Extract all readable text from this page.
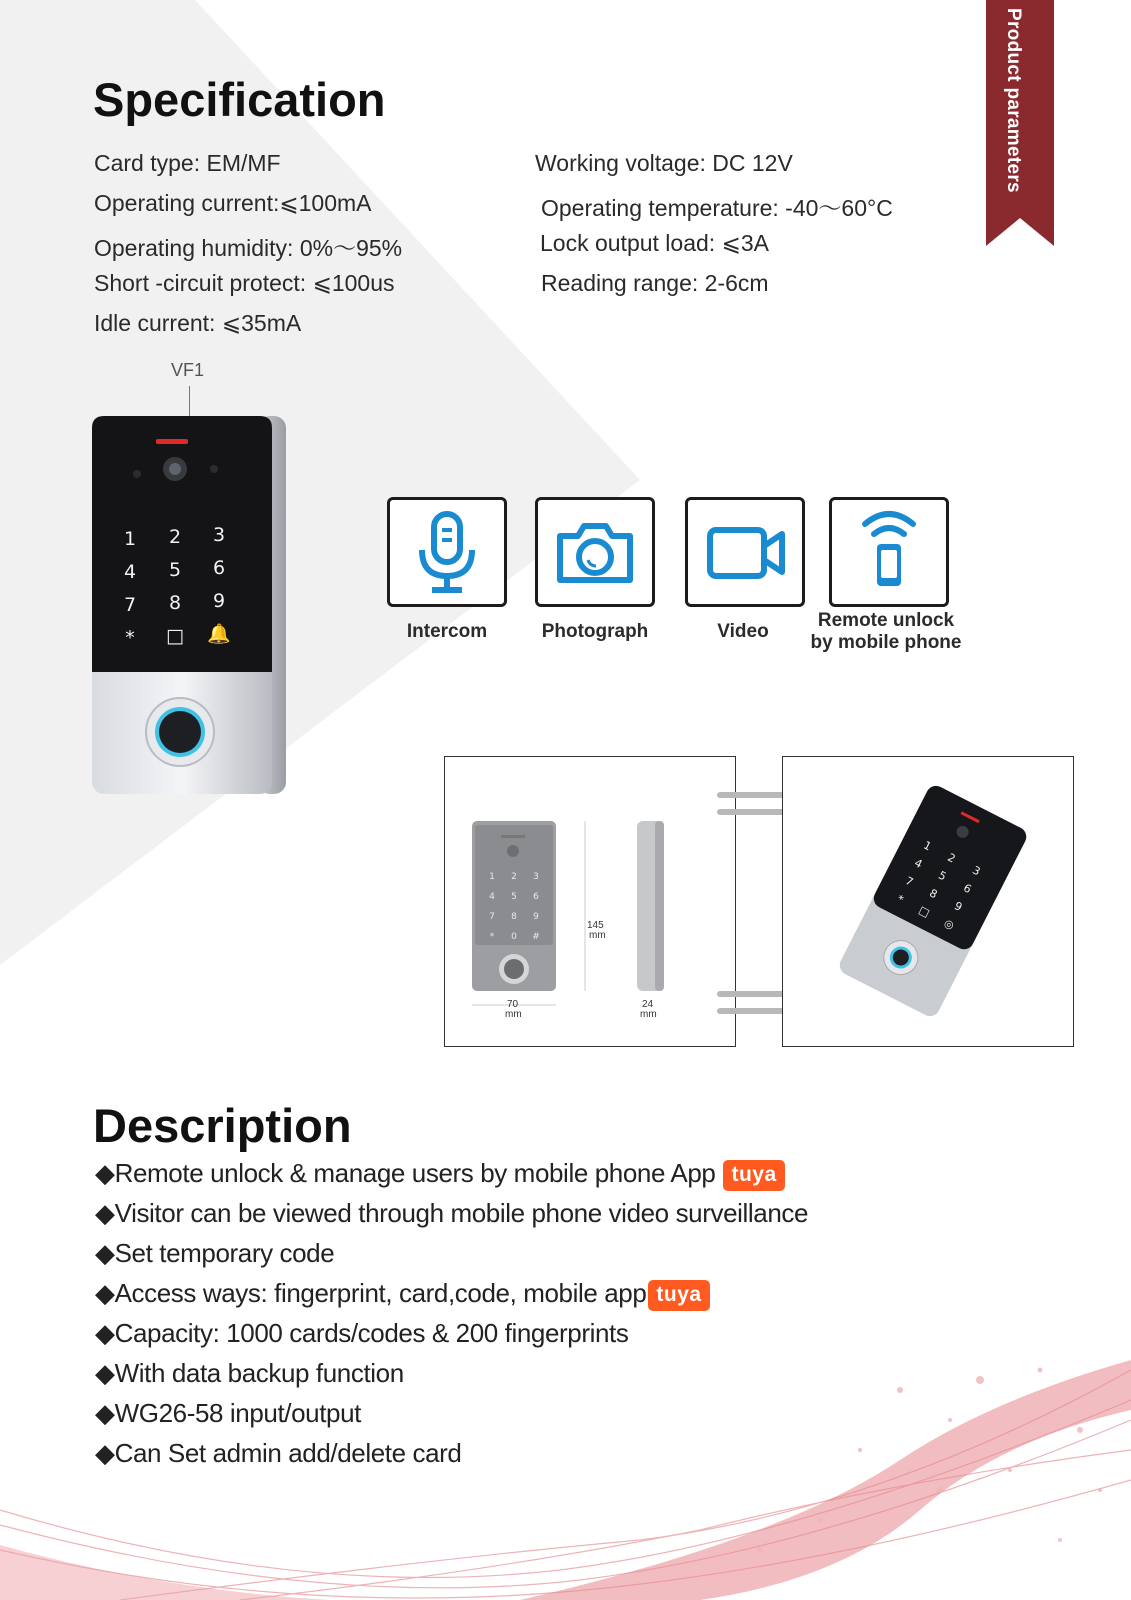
Product parameters
Specification
Card type: EM/MF
Operating current:⩽100mA
Operating humidity: 0%～95%
Short -circuit protect: ⩽100us
Idle current: ⩽35mA
Working voltage: DC 12V
Operating temperature: -40～60°C
Lock output load: ⩽3A
Reading range: 2-6cm
VF1
1 2 3
4 5 6
7 8 9
* □ 🔔	Intercom	Photograph	Video
Remote unlock
by mobile phone
1 2 3
4 5 6
7 8 9
* 0 #
145
mm
70
mm
24
mm
1
2
3
4
5
6
7
8
9
*
□
◎
Description
◆Remote unlock & manage users by mobile phone App tuya
◆Visitor can be viewed through mobile phone video surveillance
◆Set temporary code
◆Access ways: fingerprint, card,code, mobile app tuya
◆Capacity: 1000 cards/codes & 200 fingerprints
◆With data backup function
◆WG26-58 input/output
◆Can Set admin add/delete card
